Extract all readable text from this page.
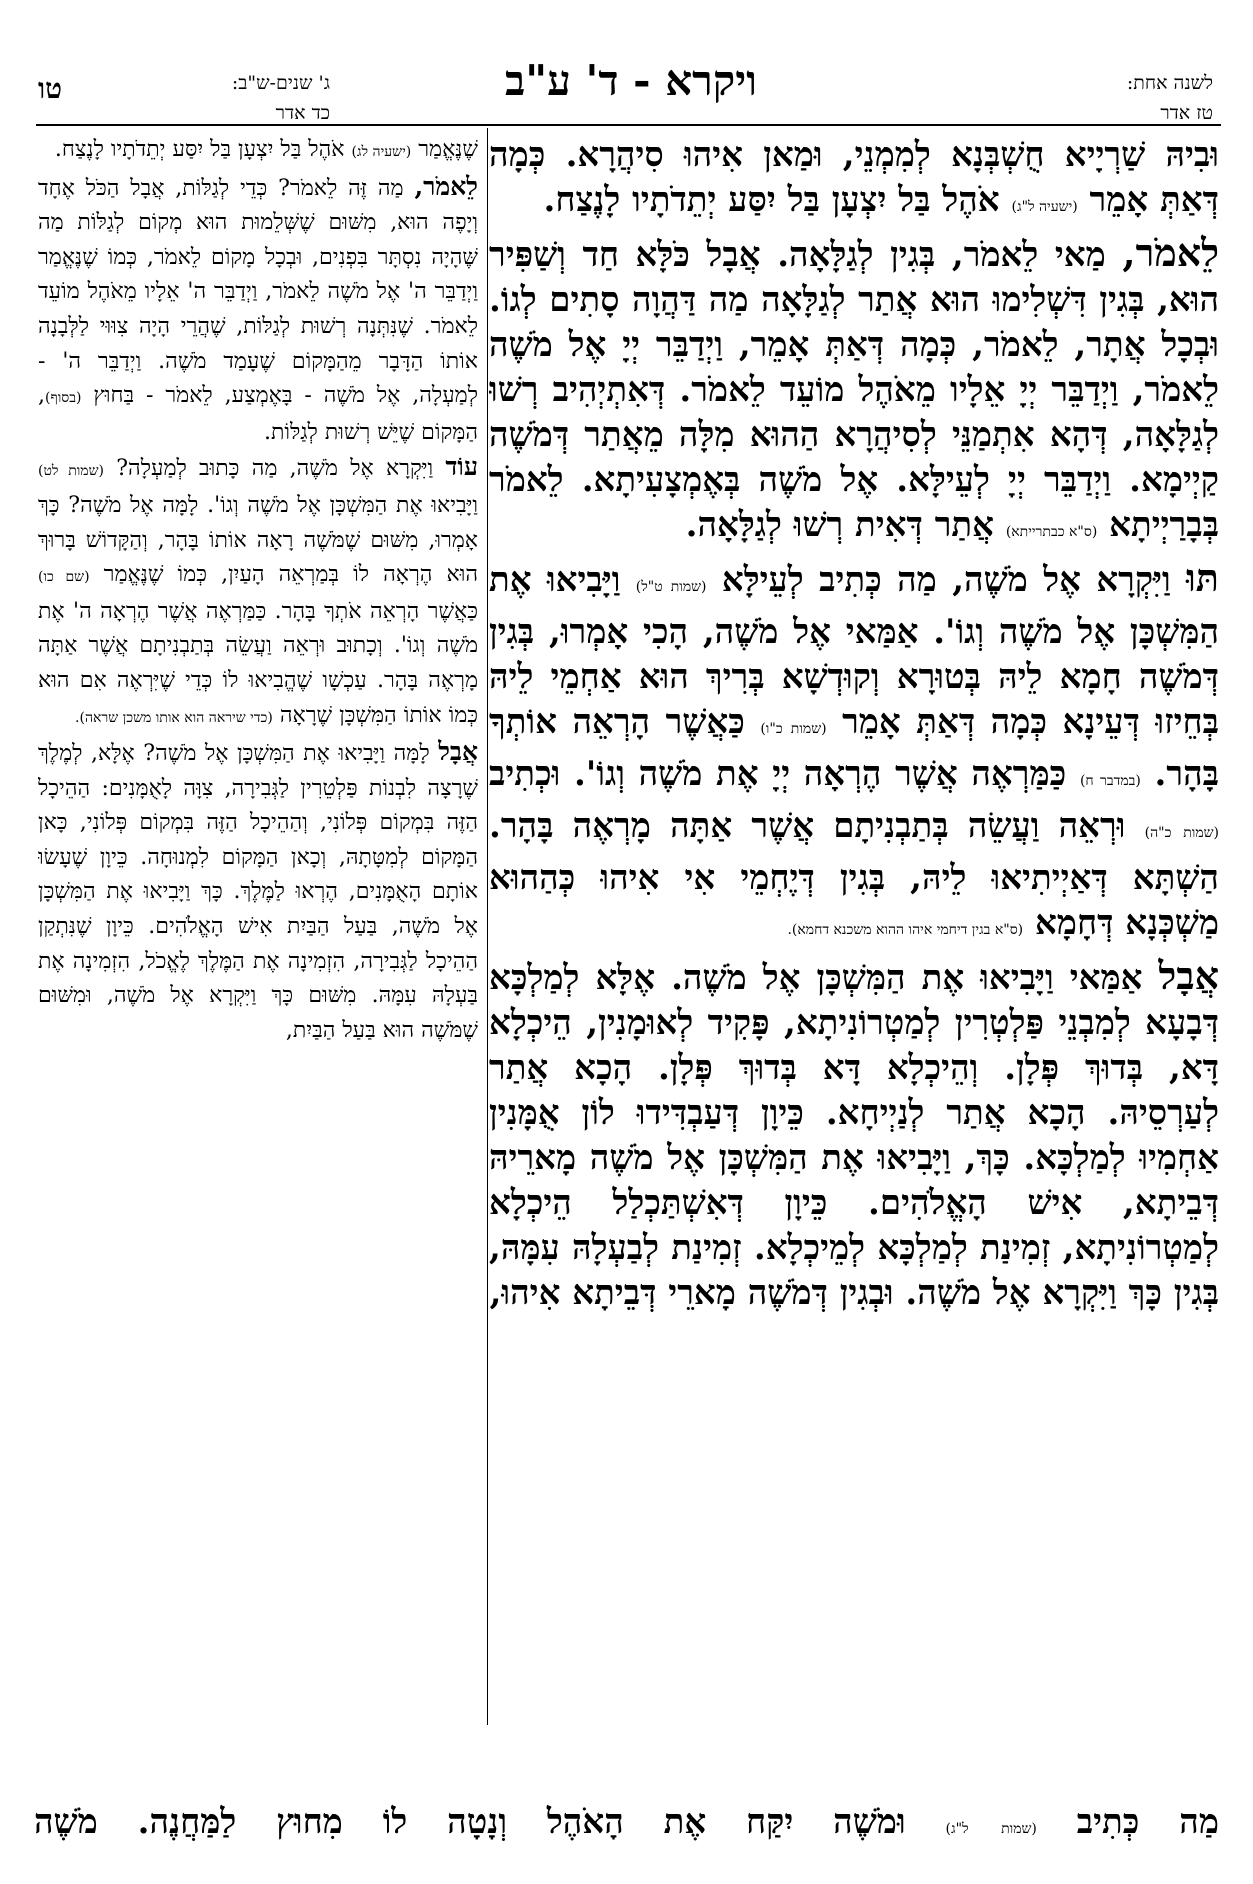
ויקרא - ד' ע"ב	לשנה אחת:
טז אדר
ג' שנים-ש"ב:
כד אדר
טו

וּבִיהּ שַׁרְיָיא חֻשְׁבְּנָא לְמִמְנֵי, וּמַאן אִיהוּ סִיהֲרָא. כְּמָה דְּאַתְּ אָמֵר (ישעיה ל"ג) אֹהֶל בַּל יִצְעָן בַּל יִסַּע יְתֵדֹתָיו לָנֶצַח.

לֵאמֹר, מַאי לֵאמֹר, בְּגִין לְגַלָּאָה. אֲבָל כֹּלָּא חַד וְשַׁפִּיר הוּא, בְּגִין דִּשְׁלִימוּ הוּא אֲתַר לְגַלָּאָה מַה דַּהֲוָה סָתִים לְגוֹ. וּבְכָל אֲתָר, לֵאמֹר, כְּמָה דְּאַתְּ אָמֵר, וַיְדַבֵּר יְיָ אֶל מֹשֶׁה לֵאמֹר, וַיְדַבֵּר יְיָ אֵלָיו מֵאֹהֶל מוֹעֵד לֵאמֹר. דְּאִתְיְהִיב רְשׁוּ לְגַלָּאָה, דְּהָא אִתְמַנֵּי לְסִיהֲרָא הַהוּא מִלָּה מֵאֲתַר דְּמֹשֶׁה קַיְימָא. וַיְדַבֵּר יְיָ לְעֵילָּא. אֶל מֹשֶׁה בְּאֶמְצָעִיתָא. לֵאמֹר בְּבָרַיְיתָא (ס"א כבתרייתא) אֲתַר דְּאִית רְשׁוּ לְגַלָּאָה.

תּוּ וַיִּקְרָא אֶל מֹשֶׁה, מַה כְּתִיב לְעֵילָּא (שמות ט"ל) וַיָּבִיאוּ אֶת הַמִּשְׁכָּן אֶל מֹשֶׁה וְגוֹ'. אַמַּאי אֶל מֹשֶׁה, הָכִי אָמְרוּ, בְּגִין דְּמֹשֶׁה חָמָא לֵיהּ בְּטוּרָא וְקוּדְשָׁא בְּרִיךְ הוּא אַחְמֵי לֵיהּ בְּחֵיזוּ דְּעֵינָא כְּמָה דְּאַתְּ אָמֵר (שמות כ"ו) כַּאֲשֶׁר הָרְאֵה אוֹתְךָ בָּהָר. (במדבר ח) כַּמַּרְאֶה אֲשֶׁר הֶרְאָה יְיָ אֶת מֹשֶׁה וְגוֹ'. וּכְתִיב (שמות כ"ה) וּרְאֵה וַעֲשֵׂה בְּתַבְנִיתָם אֲשֶׁר אַתָּה מָרְאֶה בָּהָר. הַשְׁתָּא דְּאַיְיתִיאוּ לֵיהּ, בְּגִין דְּיֶחְמֵי אִי אִיהוּ כְּהַהוּא מַשְׁכְּנָא דְּחָמָא (ס"א בגין דיחמי איהו ההוא משכנא דחמא).

אֲבָל אַמַּאי וַיָּבִיאוּ אֶת הַמִּשְׁכָּן אֶל מֹשֶׁה. אֶלָּא לְמַלְכָּא דְּבָעָא לְמִבְנֵי פַּלְטְרִין לְמַטְרוֹנִיתָא, פָּקִיד לְאוּמָנִין, הֵיכְלָא דָּא, בְּדוּךְ פְּלָן. וְהֵיכְלָא דָּא בְּדוּךְ פְּלָן. הָכָא אֲתַר לְעַרְסֵיהּ. הָכָא אֲתַר לְנַיְיחָא. כֵּיוָן דְּעַבְדִּידוּ לוֹן אֻמָּנִין אַחְמִיוּ לְמַלְכָּא. כָּךְ, וַיָּבִיאוּ אֶת הַמִּשְׁכָּן אֶל מֹשֶׁה מָארֵיהּ דְּבֵיתָא, אִישׁ הָאֱלֹהִים. כֵּיוָן דְּאִשְׁתַּכְלַל הֵיכְלָא לְמַטְרוֹנִיתָא, זְמִינַת לְמַלְכָּא לְמֵיכְלָא. זְמִינַת לְבַעְלָהּ עִמָּהּ, בְּגִין כָּךְ וַיִּקְרָא אֶל מֹשֶׁה. וּבְגִין דְּמֹשֶׁה מָארֵי דְּבֵיתָא אִיהוּ,

שֶׁנֶּאֱמַר (ישעיה לג) אֹהֶל בַּל יִצְעָן בַּל יִסַּע יְתֵדֹתָיו לָנֶצַח.

לֵאמֹר, מַה זֶּה לֵאמֹר? כְּדֵי לְגַלּוֹת, אֲבָל הַכֹּל אֶחָד וְיָפֶה הוּא, מִשּׁוּם שֶׁשְּׁלֵמוּת הוּא מְקוֹם לְגַלּוֹת מַה שֶּׁהָיָה נִסְתָּר בִּפְנִים, וּבְכָל מָקוֹם לֵאמֹר, כְּמוֹ שֶׁנֶּאֱמַר וַיְדַבֵּר ה' אֶל מֹשֶׁה לֵאמֹר, וַיְדַבֵּר ה' אֵלָיו מֵאֹהֶל מוֹעֵד לֵאמֹר. שֶׁנִּתְּנָה רְשׁוּת לְגַלּוֹת, שֶׁהֲרֵי הָיָה צִוּוּי לַלְּבָנָה אוֹתוֹ הַדָּבָר מֵהַמָּקוֹם שֶׁעָמַד מֹשֶׁה. וַיְדַבֵּר ה' - לְמַעְלָה, אֶל מֹשֶׁה - בָּאֶמְצַע, לֵאמֹר - בַּחוּץ (בסוף), הַמָּקוֹם שֶׁיֵּשׁ רְשׁוּת לְגַלּוֹת.

עוֹד וַיִּקְרָא אֶל מֹשֶׁה, מַה כָּתוּב לְמַעְלָה? (שמות לט) וַיָּבִיאוּ אֶת הַמִּשְׁכָּן אֶל מֹשֶׁה וְגוֹ'. לָמָּה אֶל מֹשֶׁה? כָּךְ אָמְרוּ, מִשּׁוּם שֶׁמֹּשֶׁה רָאָה אוֹתוֹ בָּהָר, וְהַקָּדוֹשׁ בָּרוּךְ הוּא הֶרְאָה לוֹ בְּמַרְאֵה הָעַיִן, כְּמוֹ שֶׁנֶּאֱמַר (שם כו) כַּאֲשֶׁר הָרְאֵה אֹתְךָ בָּהָר. כַּמַּרְאֶה אֲשֶׁר הֶרְאָה ה' אֶת מֹשֶׁה וְגוֹ'. וְכָתוּב וּרְאֵה וַעֲשֵׂה בְּתַבְנִיתָם אֲשֶׁר אַתָּה מָרְאֶה בָּהָר. עַכְשָׁו שֶׁהֱבִיאוּ לוֹ כְּדֵי שֶׁיִּרְאֶה אִם הוּא כְּמוֹ אוֹתוֹ הַמִּשְׁכָּן שֶׁרָאָה (כדי שיראה הוא אותו משכן שראה).

אֲבָל לָמָּה וַיָּבִיאוּ אֶת הַמִּשְׁכָּן אֶל מֹשֶׁה? אֶלָּא, לְמֶלֶךְ שֶׁרָצָה לִבְנוֹת פַּלְטֵרִין לַגְּבִירָה, צִוָּה לָאֻמָּנִים: הַהֵיכָל הַזֶּה בִּמְקוֹם פְּלוֹנִי, וְהַהֵיכָל הַזֶּה בִּמְקוֹם פְּלוֹנִי, כָּאן הַמָּקוֹם לְמִטָּתָהּ, וְכָאן הַמָּקוֹם לִמְנוּחָה. כֵּיוָן שֶׁעָשׂוּ אוֹתָם הָאֻמָּנִים, הֶרְאוּ לַמֶּלֶךְ. כָּךְ וַיָּבִיאוּ אֶת הַמִּשְׁכָּן אֶל מֹשֶׁה, בַּעַל הַבַּיִת אִישׁ הָאֱלֹהִים. כֵּיוָן שֶׁנִּתְקַן הַהֵיכָל לַגְּבִירָה, הִזְמִינָה אֶת הַמֶּלֶךְ לֶאֱכֹל, הִזְמִינָה אֶת בַּעְלָהּ עִמָּהּ. מִשּׁוּם כָּךְ וַיִּקְרָא אֶל מֹשֶׁה, וּמִשּׁוּם שֶׁמֹּשֶׁה הוּא בַּעַל הַבַּיִת,

מַה כְּתִיב (שמות ל"ג) וּמֹשֶׁה יִקַּח אֶת הָאֹהֶל וְנָטָה לוֹ מִחוּץ לַמַּחֲנֶה. מֹשֶׁה
